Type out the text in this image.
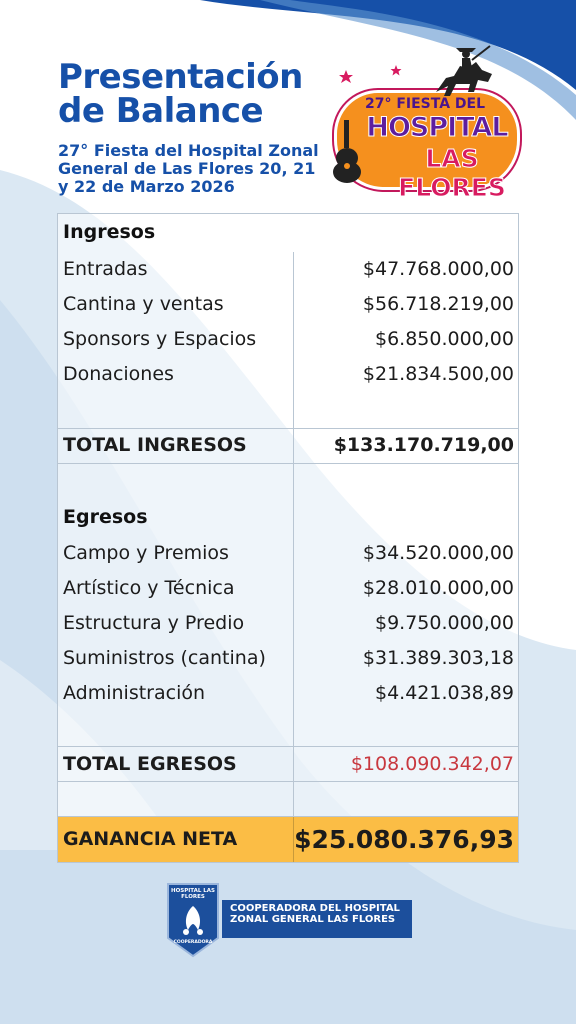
Presentación de Balance
27° Fiesta del Hospital Zonal General de Las Flores 20, 21 y 22 de Marzo 2026
27° FIESTA DEL
HOSPITAL
LAS FLORES
Ingresos
Entradas	$47.768.000,00
Cantina y ventas	$56.718.219,00
Sponsors y Espacios	$6.850.000,00
Donaciones	$21.834.500,00
TOTAL INGRESOS	$133.170.719,00
Egresos
Campo y Premios	$34.520.000,00
Artístico y Técnica	$28.010.000,00
Estructura y Predio	$9.750.000,00
Suministros (cantina)	$31.389.303,18
Administración	$4.421.038,89
TOTAL EGRESOS	$108.090.342,07
GANANCIA NETA $25.080.376,93
HOSPITAL LAS FLORES
COOPERADORA
COOPERADORA DEL HOSPITAL ZONAL GENERAL LAS FLORES
